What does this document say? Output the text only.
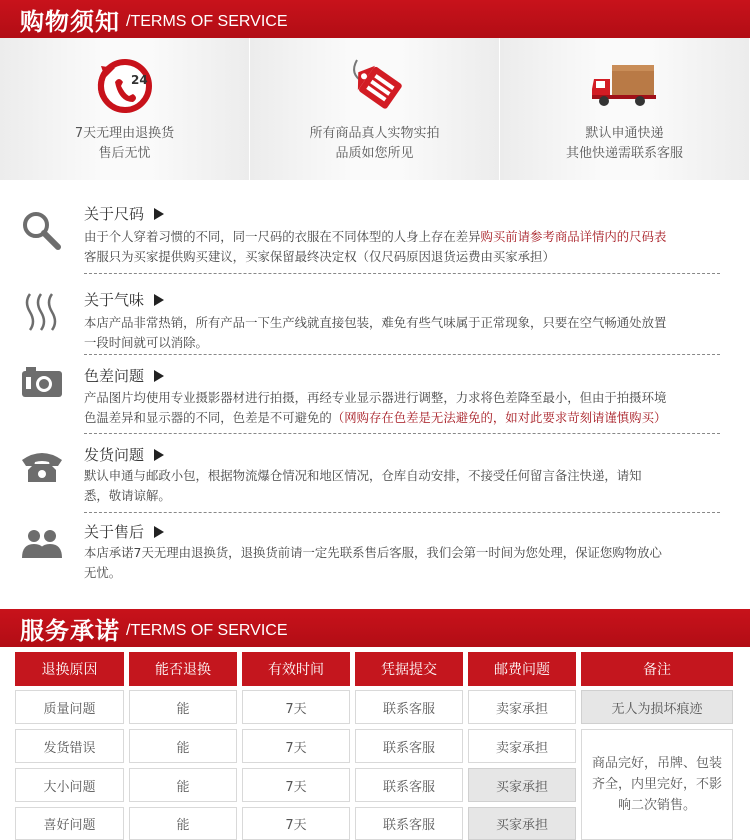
购物须知 /TERMS OF SERVICE
24
7天无理由退换货
售后无忧
所有商品真人实物实拍
品质如您所见
默认申通快递
其他快递需联系客服
关于尺码
由于个人穿着习惯的不同，同一尺码的衣服在不同体型的人身上存在差异购买前请参考商品详情内的尺码表
客服只为买家提供购买建议，买家保留最终决定权（仅尺码原因退货运费由买家承担）
关于气味
本店产品非常热销，所有产品一下生产线就直接包装，难免有些气味属于正常现象，只要在空气畅通处放置
一段时间就可以消除。
色差问题
产品图片均使用专业摄影器材进行拍摄，再经专业显示器进行调整，力求将色差降至最小，但由于拍摄环境
色温差异和显示器的不同，色差是不可避免的（网购存在色差是无法避免的，如对此要求苛刻请谨慎购买）
发货问题
默认申通与邮政小包，根据物流爆仓情况和地区情况，仓库自动安排，不接受任何留言备注快递，请知
悉，敬请谅解。
关于售后
本店承诺7天无理由退换货，退换货前请一定先联系售后客服，我们会第一时间为您处理，保证您购物放心
无忧。
服务承诺 /TERMS OF SERVICE
退换原因	能否退换	有效时间	凭据提交	邮费问题	备注
质量问题	能	7天	联系客服	卖家承担	无人为损坏痕迹
发货错误	能	7天	联系客服	卖家承担
大小问题	能	7天	联系客服	买家承担
喜好问题	能	7天	联系客服	买家承担
商品完好，吊牌、包装齐全，内里完好，不影响二次销售。
